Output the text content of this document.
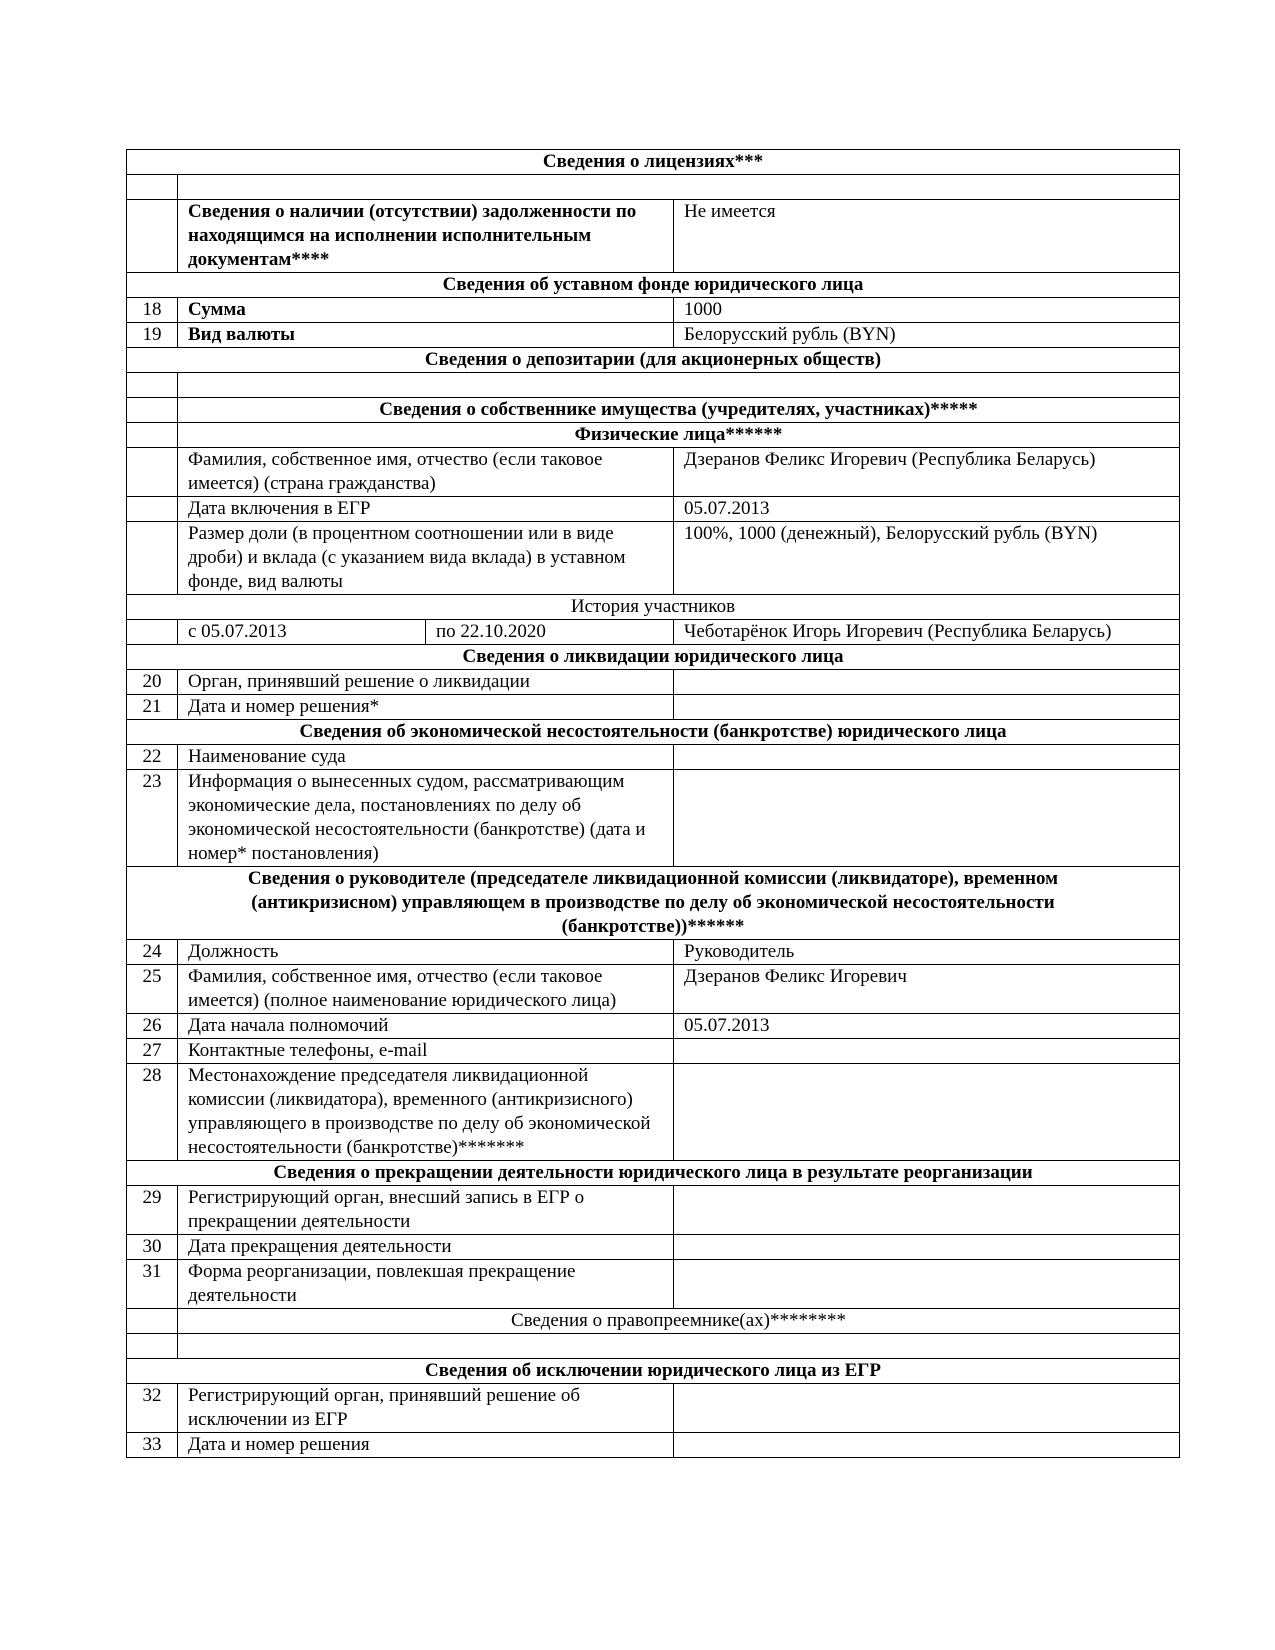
Сведения о лицензиях***			

	Сведения о наличии (отсутствии) задолженности по находящимся на исполнении исполнительным документам****		Не имеется
Сведения об уставном фонде юридического лица			
18	Сумма		1000
19	Вид валюты		Белорусский рубль (BYN)
Сведения о депозитарии (для акционерных обществ)			

	Сведения о собственнике имущества (учредителях, участниках)*****		
	Физические лица******		
	Фамилия, собственное имя, отчество (если таковое имеется) (страна гражданства)		Дзеранов Феликс Игоревич (Республика Беларусь)
	Дата включения в ЕГР		05.07.2013
	Размер доли (в процентном соотношении или в виде дроби) и вклада (с указанием вида вклада) в уставном фонде, вид валюты		100%, 1000 (денежный), Белорусский рубль (BYN)
История участников			
	с 05.07.2013	по 22.10.2020	Чеботарёнок Игорь Игоревич (Республика Беларусь)
Сведения о ликвидации юридического лица			
20	Орган, принявший решение о ликвидации		
21	Дата и номер решения*		
Сведения об экономической несостоятельности (банкротстве) юридического лица			
22	Наименование суда		
23	Информация о вынесенных судом, рассматривающим экономические дела, постановлениях по делу об экономической несостоятельности (банкротстве) (дата и номер* постановления)		
Сведения о руководителе (председателе ликвидационной комиссии (ликвидаторе), временном (антикризисном) управляющем в производстве по делу об экономической несостоятельности (банкротстве))******			
24	Должность		Руководитель
25	Фамилия, собственное имя, отчество (если таковое имеется) (полное наименование юридического лица)		Дзеранов Феликс Игоревич
26	Дата начала полномочий		05.07.2013
27	Контактные телефоны, e-mail		
28	Местонахождение председателя ликвидационной комиссии (ликвидатора), временного (антикризисного) управляющего в производстве по делу об экономической несостоятельности (банкротстве)*******		
Сведения о прекращении деятельности юридического лица в результате реорганизации			
29	Регистрирующий орган, внесший запись в ЕГР о прекращении деятельности		
30	Дата прекращения деятельности		
31	Форма реорганизации, повлекшая прекращение деятельности		
	Сведения о правопреемнике(ах)********		

Сведения об исключении юридического лица из ЕГР			
32	Регистрирующий орган, принявший решение об исключении из ЕГР		
33	Дата и номер решения		
